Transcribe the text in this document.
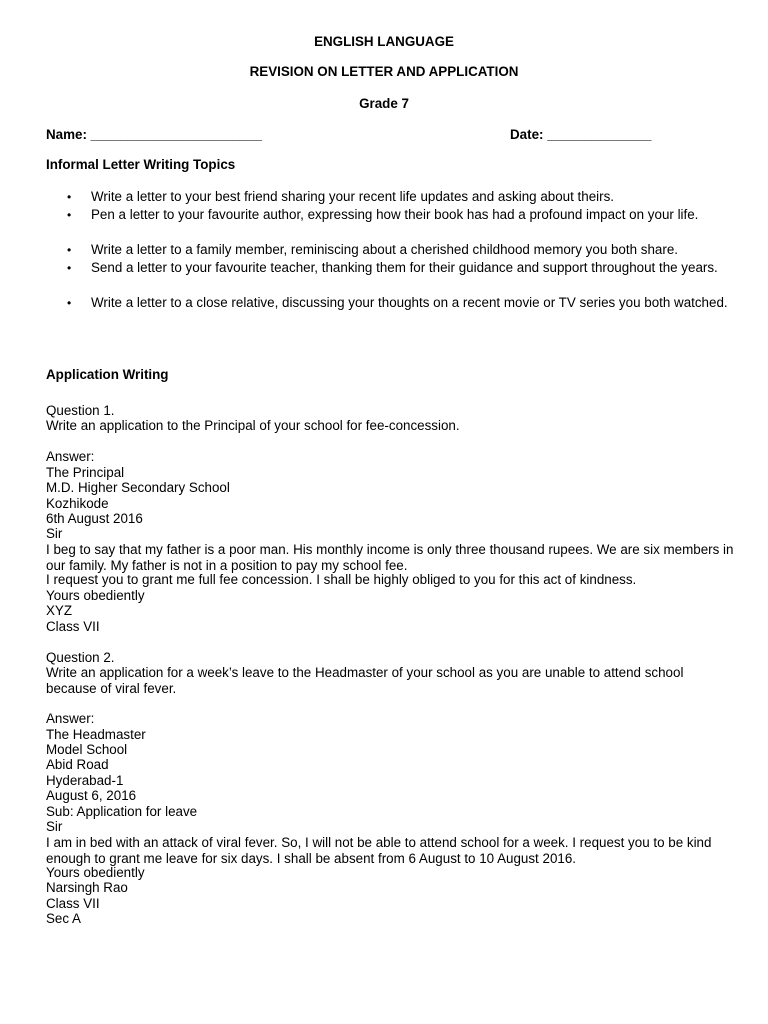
ENGLISH LANGUAGE
REVISION ON LETTER AND APPLICATION
Grade 7
Name: _______________________	Date: ______________
Informal Letter Writing Topics
• Write a letter to your best friend sharing your recent life updates and asking about theirs.
• Pen a letter to your favourite author, expressing how their book has had a profound impact on your life.
• Write a letter to a family member, reminiscing about a cherished childhood memory you both share.
• Send a letter to your favourite teacher, thanking them for their guidance and support throughout the years.
• Write a letter to a close relative, discussing your thoughts on a recent movie or TV series you both watched.
Application Writing
Question 1.
Write an application to the Principal of your school for fee-concession.
Answer:
The Principal
M.D. Higher Secondary School
Kozhikode
6th August 2016
Sir
I beg to say that my father is a poor man. His monthly income is only three thousand rupees. We are six members in our family. My father is not in a position to pay my school fee.
I request you to grant me full fee concession. I shall be highly obliged to you for this act of kindness.
Yours obediently
XYZ
Class VII
Question 2.
Write an application for a week’s leave to the Headmaster of your school as you are unable to attend school because of viral fever.
Answer:
The Headmaster
Model School
Abid Road
Hyderabad-1
August 6, 2016
Sub: Application for leave
Sir
I am in bed with an attack of viral fever. So, I will not be able to attend school for a week. I request you to be kind enough to grant me leave for six days. I shall be absent from 6 August to 10 August 2016.
Yours obediently
Narsingh Rao
Class VII
Sec A
